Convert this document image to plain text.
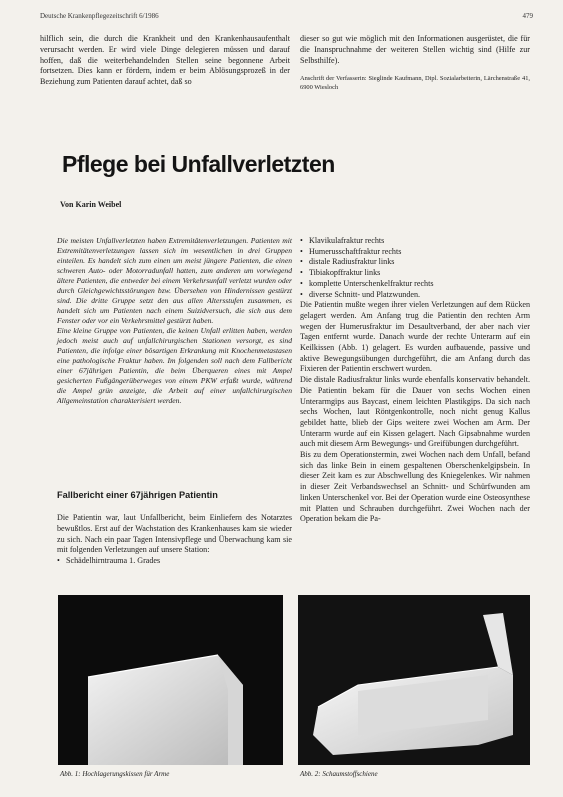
Deutsche Krankenpflegezeitschrift 6/1986	479

hilflich sein, die durch die Krankheit und den Krankenhausaufenthalt verursacht werden. Er wird viele Dinge delegieren müssen und darauf hoffen, daß die weiterbehandelnden Stellen seine begonnene Arbeit fortsetzen. Dies kann er fördern, indem er beim Ablösungsprozeß in der Beziehung zum Patienten darauf achtet, daß so

dieser so gut wie möglich mit den Informationen ausgerüstet, die für die Inanspruchnahme der weiteren Stellen wichtig sind (Hilfe zur Selbsthilfe).

Anschrift der Verfasserin: Sieglinde Kaufmann, Dipl. Sozialarbeiterin, Lärchenstraße 41, 6900 Wiesloch

Pflege bei Unfallverletzten
Von Karin Weibel

Die meisten Unfallverletzten haben Extremitätenverletzungen. Patienten mit Extremitätenverletzungen lassen sich im wesentlichen in drei Gruppen einteilen. Es handelt sich zum einen um meist jüngere Patienten, die einen schweren Auto- oder Motorradunfall hatten, zum anderen um vorwiegend ältere Patienten, die entweder bei einem Verkehrsunfall verletzt wurden oder durch Gleichgewichtsstörungen bzw. Übersehen von Hindernissen gestürzt sind. Die dritte Gruppe setzt den aus allen Altersstufen zusammen, es handelt sich um Patienten nach einem Suizidversuch, die sich aus dem Fenster oder vor ein Verkehrsmittel gestürzt haben.

Eine kleine Gruppe von Patienten, die keinen Unfall erlitten haben, werden jedoch meist auch auf unfallchirurgischen Stationen versorgt, es sind Patienten, die infolge einer bösartigen Erkrankung mit Knochenmetastasen eine pathologische Fraktur haben. Im folgenden soll nach dem Fallbericht einer 67jährigen Patientin, die beim Überqueren eines mit Ampel gesicherten Fußgängerüberweges von einem PKW erfaßt wurde, während die Ampel grün anzeigte, die Arbeit auf einer unfallchirurgischen Allgemeinstation charakterisiert werden.

Fallbericht einer 67jährigen Patientin

Die Patientin war, laut Unfallbericht, beim Einliefern des Notarztes bewußtlos. Erst auf der Wachstation des Krankenhauses kam sie wieder zu sich. Nach ein paar Tagen Intensivpflege und Überwachung kam sie mit folgenden Verletzungen auf unsere Station:

• Schädelhirntrauma 1. Grades
• Klavikulafraktur rechts
• Humerusschaftfraktur rechts
• distale Radiusfraktur links
• Tibiakopffraktur links
• komplette Unterschenkelfraktur rechts
• diverse Schnitt- und Platzwunden.

Die Patientin mußte wegen ihrer vielen Verletzungen auf dem Rücken gelagert werden. Am Anfang trug die Patientin den rechten Arm wegen der Humerusfraktur im Desaultverband, der aber nach vier Tagen entfernt wurde. Danach wurde der rechte Unterarm auf ein Keilkissen (Abb. 1) gelagert. Es wurden aufbauende, passive und aktive Bewegungsübungen durchgeführt, die am Anfang durch das Fixieren der Patientin erschwert wurden.

Die distale Radiusfraktur links wurde ebenfalls konservativ behandelt. Die Patientin bekam für die Dauer von sechs Wochen einen Unterarmgips aus Baycast, einem leichten Plastikgips. Da sich nach sechs Wochen, laut Röntgenkontrolle, noch nicht genug Kallus gebildet hatte, blieb der Gips weitere zwei Wochen am Arm. Der Unterarm wurde auf ein Kissen gelagert. Nach Gipsabnahme wurden auch mit diesem Arm Bewegungs- und Greifübungen durchgeführt.

Bis zu dem Operationstermin, zwei Wochen nach dem Unfall, befand sich das linke Bein in einem gespaltenen Oberschenkelgipsbein. In dieser Zeit kam es zur Abschwellung des Kniegelenkes. Wir nahmen in dieser Zeit Verbandswechsel an Schnitt- und Schürfwunden am linken Unterschenkel vor. Bei der Operation wurde eine Osteosynthese mit Platten und Schrauben durchgeführt. Zwei Wochen nach der Operation bekam die Pa-

Abb. 1: Hochlagerungskissen für Arme	Abb. 2: Schaumstoffschiene
